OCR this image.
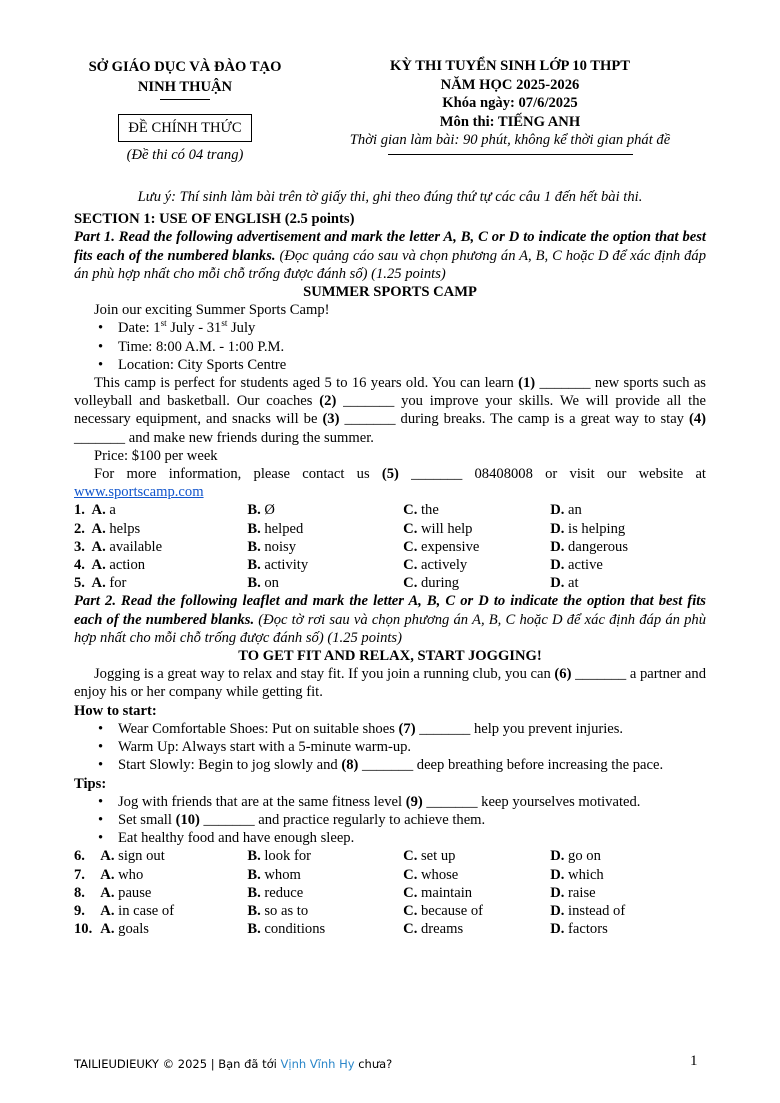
SỞ GIÁO DỤC VÀ ĐÀO TẠO
NINH THUẬN
ĐỀ CHÍNH THỨC
(Đề thi có 04 trang)
KỲ THI TUYỂN SINH LỚP 10 THPT
NĂM HỌC 2025-2026
Khóa ngày: 07/6/2025
Môn thi: TIẾNG ANH
Thời gian làm bài: 90 phút, không kể thời gian phát đề
Lưu ý: Thí sinh làm bài trên tờ giấy thi, ghi theo đúng thứ tự các câu 1 đến hết bài thi.
SECTION 1: USE OF ENGLISH (2.5 points)
Part 1. Read the following advertisement and mark the letter A, B, C or D to indicate the option that best fits each of the numbered blanks. (Đọc quảng cáo sau và chọn phương án A, B, C hoặc D để xác định đáp án phù hợp nhất cho mỗi chỗ trống được đánh số) (1.25 points)
SUMMER SPORTS CAMP
Join our exciting Summer Sports Camp!
• Date: 1st July - 31st July
• Time: 8:00 A.M. - 1:00 P.M.
• Location: City Sports Centre
This camp is perfect for students aged 5 to 16 years old. You can learn (1) _______ new sports such as volleyball and basketball. Our coaches (2) _______ you improve your skills. We will provide all the necessary equipment, and snacks will be (3) _______ during breaks. The camp is a great way to stay (4) _______ and make new friends during the summer.
Price: $100 per week
For more information, please contact us (5) _______ 08408008 or visit our website at
www.sportscamp.com
1. A. a	B. Ø	C. the	D. an
2. A. helps	B. helped	C. will help	D. is helping
3. A. available	B. noisy	C. expensive	D. dangerous
4. A. action	B. activity	C. actively	D. active
5. A. for	B. on	C. during	D. at
Part 2. Read the following leaflet and mark the letter A, B, C or D to indicate the option that best fits each of the numbered blanks. (Đọc tờ rơi sau và chọn phương án A, B, C hoặc D để xác định đáp án phù hợp nhất cho mỗi chỗ trống được đánh số) (1.25 points)
TO GET FIT AND RELAX, START JOGGING!
Jogging is a great way to relax and stay fit. If you join a running club, you can (6) _______ a partner and enjoy his or her company while getting fit.
How to start:
• Wear Comfortable Shoes: Put on suitable shoes (7) _______ help you prevent injuries.
• Warm Up: Always start with a 5-minute warm-up.
• Start Slowly: Begin to jog slowly and (8) _______ deep breathing before increasing the pace.
Tips:
• Jog with friends that are at the same fitness level (9) _______ keep yourselves motivated.
• Set small (10) _______ and practice regularly to achieve them.
• Eat healthy food and have enough sleep.
6.	A. sign out	B. look for	C. set up	D. go on
7.	A. who	B. whom	C. whose	D. which
8.	A. pause	B. reduce	C. maintain	D. raise
9.	A. in case of	B. so as to	C. because of	D. instead of
10. A. goals	B. conditions	C. dreams	D. factors
TAILIEUDIEUKY © 2025 | Bạn đã tới Vịnh Vĩnh Hy chưa?	1
